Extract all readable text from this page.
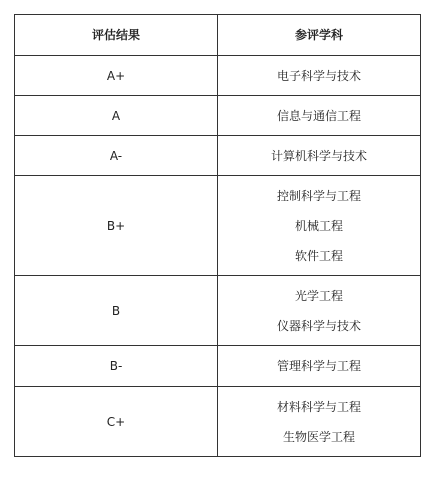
评估结果	参评学科
A+	电子科学与技术

A	信息与通信工程

A-	计算机科学与技术

B+	控制科学与工程
机械工程
软件工程

B	光学工程
仪器科学与技术

B-	管理科学与工程

C+	材料科学与工程
生物医学工程
